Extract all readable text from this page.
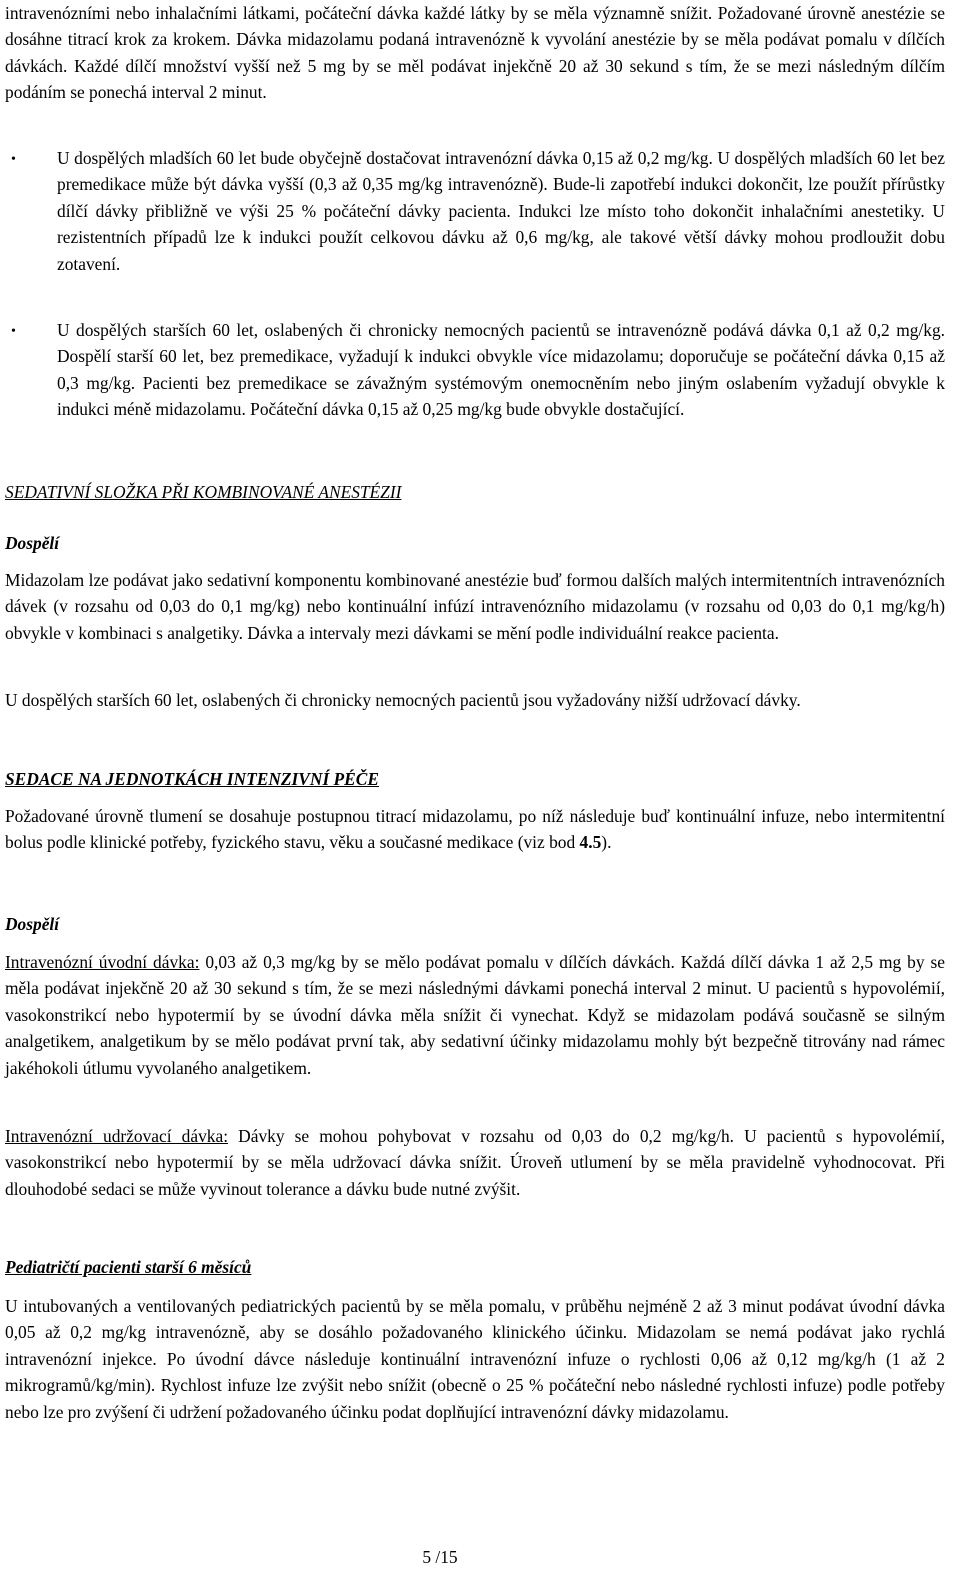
intravenózními nebo inhalačními látkami, počáteční dávka každé látky by se měla významně snížit. Požadované úrovně anestézie se dosáhne titrací krok za krokem. Dávka midazolamu podaná intravenózně k vyvolání anestézie by se měla podávat pomalu v dílčích dávkách. Každé dílčí množství vyšší než 5 mg by se měl podávat injekčně 20 až 30 sekund s tím, že se mezi následným dílčím podáním se ponechá interval 2 minut.

•	U dospělých mladších 60 let bude obyčejně dostačovat intravenózní dávka 0,15 až 0,2 mg/kg. U dospělých mladších 60 let bez premedikace může být dávka vyšší (0,3 až 0,35 mg/kg intravenózně). Bude-li zapotřebí indukci dokončit, lze použít přírůstky dílčí dávky přibližně ve výši 25 % počáteční dávky pacienta. Indukci lze místo toho dokončit inhalačními anestetiky. U rezistentních případů lze k indukci použít celkovou dávku až 0,6 mg/kg, ale takové větší dávky mohou prodloužit dobu zotavení.

•	U dospělých starších 60 let, oslabených či chronicky nemocných pacientů se intravenózně podává dávka 0,1 až 0,2 mg/kg. Dospělí starší 60 let, bez premedikace, vyžadují k indukci obvykle více midazolamu; doporučuje se počáteční dávka 0,15 až 0,3 mg/kg. Pacienti bez premedikace se závažným systémovým onemocněním nebo jiným oslabením vyžadují obvykle k indukci méně midazolamu. Počáteční dávka 0,15 až 0,25 mg/kg bude obvykle dostačující.

SEDATIVNÍ SLOŽKA PŘI KOMBINOVANÉ ANESTÉZII

Dospělí

Midazolam lze podávat jako sedativní komponentu kombinované anestézie buď formou dalších malých intermitentních intravenózních dávek (v rozsahu od 0,03 do 0,1 mg/kg) nebo kontinuální infúzí intravenózního midazolamu (v rozsahu od 0,03 do 0,1 mg/kg/h) obvykle v kombinaci s analgetiky. Dávka a intervaly mezi dávkami se mění podle individuální reakce pacienta.

U dospělých starších 60 let, oslabených či chronicky nemocných pacientů jsou vyžadovány nižší udržovací dávky.

SEDACE NA JEDNOTKÁCH INTENZIVNÍ PÉČE

Požadované úrovně tlumení se dosahuje postupnou titrací midazolamu, po níž následuje buď kontinuální infuze, nebo intermitentní bolus podle klinické potřeby, fyzického stavu, věku a současné medikace (viz bod 4.5).

Dospělí

Intravenózní úvodní dávka: 0,03 až 0,3 mg/kg by se mělo podávat pomalu v dílčích dávkách. Každá dílčí dávka 1 až 2,5 mg by se měla podávat injekčně 20 až 30 sekund s tím, že se mezi následnými dávkami ponechá interval 2 minut. U pacientů s hypovolémií, vasokonstrikcí nebo hypotermií by se úvodní dávka měla snížit či vynechat. Když se midazolam podává současně se silným analgetikem, analgetikum by se mělo podávat první tak, aby sedativní účinky midazolamu mohly být bezpečně titrovány nad rámec jakéhokoli útlumu vyvolaného analgetikem.

Intravenózní udržovací dávka: Dávky se mohou pohybovat v rozsahu od 0,03 do 0,2 mg/kg/h. U pacientů s hypovolémií, vasokonstrikcí nebo hypotermií by se měla udržovací dávka snížit. Úroveň utlumení by se měla pravidelně vyhodnocovat. Při dlouhodobé sedaci se může vyvinout tolerance a dávku bude nutné zvýšit.

Pediatričtí pacienti starší 6 měsíců

U intubovaných a ventilovaných pediatrických pacientů by se měla pomalu, v průběhu nejméně 2 až 3 minut podávat úvodní dávka 0,05 až 0,2 mg/kg intravenózně, aby se dosáhlo požadovaného klinického účinku. Midazolam se nemá podávat jako rychlá intravenózní injekce. Po úvodní dávce následuje kontinuální intravenózní infuze o rychlosti 0,06 až 0,12 mg/kg/h (1 až 2 mikrogramů/kg/min). Rychlost infuze lze zvýšit nebo snížit (obecně o 25 % počáteční nebo následné rychlosti infuze) podle potřeby nebo lze pro zvýšení či udržení požadovaného účinku podat doplňující intravenózní dávky midazolamu.

5 /15
